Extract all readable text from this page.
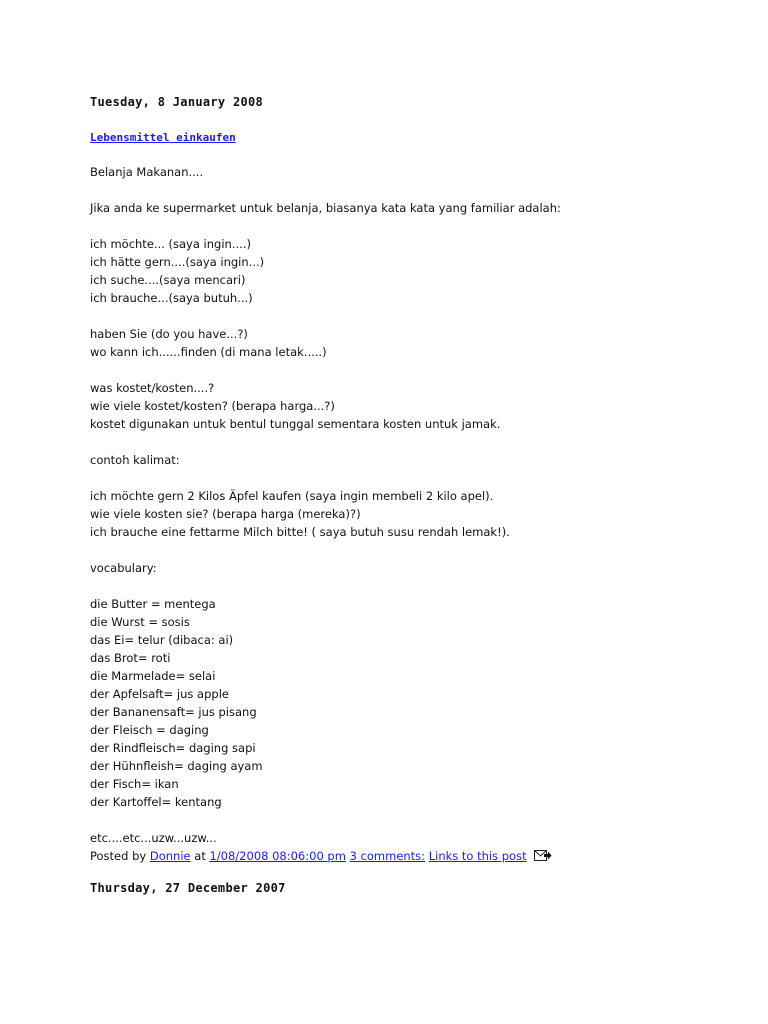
Tuesday, 8 January 2008
Lebensmittel einkaufen
Belanja Makanan....
Jika anda ke supermarket untuk belanja, biasanya kata kata yang familiar adalah:
ich möchte... (saya ingin....)
ich hätte gern....(saya ingin...)
ich suche....(saya mencari)
ich brauche...(saya butuh...)
haben Sie (do you have...?)
wo kann ich......finden (di mana letak.....)
was kostet/kosten....?
wie viele kostet/kosten? (berapa harga...?)
kostet digunakan untuk bentul tunggal sementara kosten untuk jamak.
contoh kalimat:
ich möchte gern 2 Kilos Äpfel kaufen (saya ingin membeli 2 kilo apel).
wie viele kosten sie? (berapa harga (mereka)?)
ich brauche eine fettarme Milch bitte! ( saya butuh susu rendah lemak!).
vocabulary:
die Butter = mentega
die Wurst = sosis
das Ei= telur (dibaca: ai)
das Brot= roti
die Marmelade= selai
der Apfelsaft= jus apple
der Bananensaft= jus pisang
der Fleisch = daging
der Rindfleisch= daging sapi
der Hühnfleish= daging ayam
der Fisch= ikan
der Kartoffel= kentang
etc....etc...uzw...uzw...
Posted by Donnie at 1/08/2008 08:06:00 pm 3 comments: Links to this post
Thursday, 27 December 2007
